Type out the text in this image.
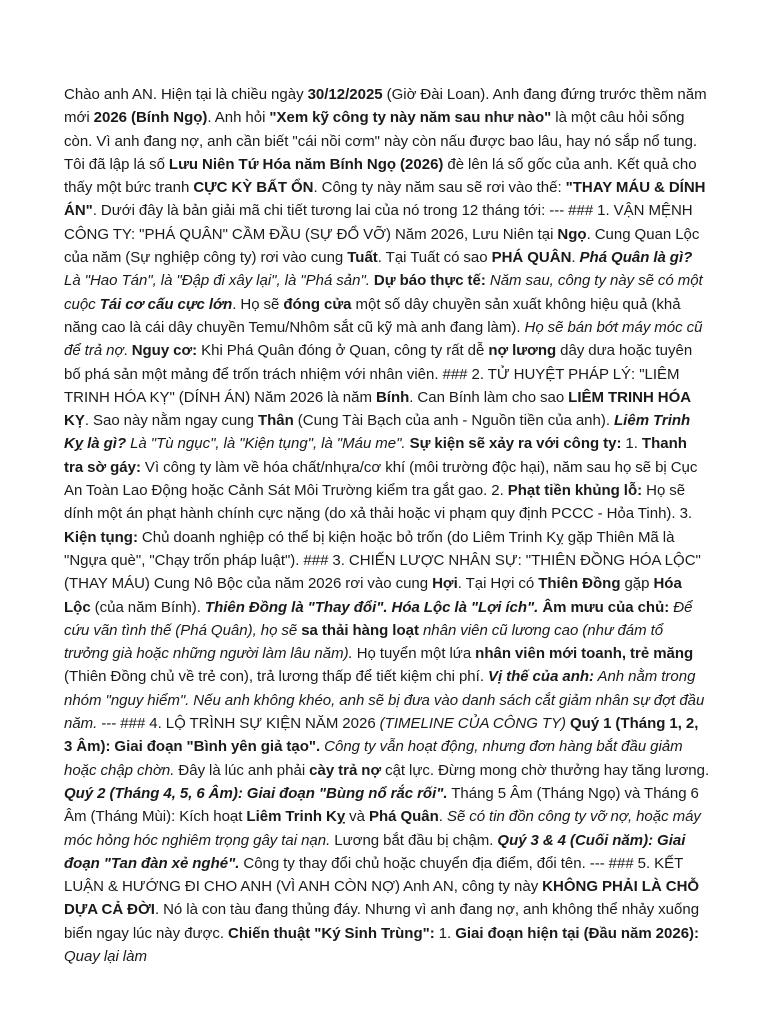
Chào anh AN. Hiện tại là chiều ngày 30/12/2025 (Giờ Đài Loan). Anh đang đứng trước thềm năm mới 2026 (Bính Ngọ). Anh hỏi "Xem kỹ công ty này năm sau như nào" là một câu hỏi sống còn. Vì anh đang nợ, anh cần biết "cái nồi cơm" này còn nấu được bao lâu, hay nó sắp nổ tung. Tôi đã lập lá số Lưu Niên Tứ Hóa năm Bính Ngọ (2026) đè lên lá số gốc của anh. Kết quả cho thấy một bức tranh CỰC KỲ BẤT ỔN. Công ty này năm sau sẽ rơi vào thế: "THAY MÁU & DÍNH ÁN". Dưới đây là bản giải mã chi tiết tương lai của nó trong 12 tháng tới: --- ### 1. VẬN MỆNH CÔNG TY: "PHÁ QUÂN" CẦM ĐẦU (SỰ ĐỔ VỠ) Năm 2026, Lưu Niên tại Ngọ. Cung Quan Lộc của năm (Sự nghiệp công ty) rơi vào cung Tuất. Tại Tuất có sao PHÁ QUÂN. Phá Quân là gì? Là "Hao Tán", là "Đập đi xây lại", là "Phá sản". Dự báo thực tế: Năm sau, công ty này sẽ có một cuộc Tái cơ cấu cực lớn. Họ sẽ đóng cửa một số dây chuyền sản xuất không hiệu quả (khả năng cao là cái dây chuyền Temu/Nhôm sắt cũ kỹ mà anh đang làm). Họ sẽ bán bớt máy móc cũ để trả nợ. Nguy cơ: Khi Phá Quân đóng ở Quan, công ty rất dễ nợ lương dây dưa hoặc tuyên bố phá sản một mảng để trốn trách nhiệm với nhân viên. ### 2. TỬ HUYỆT PHÁP LÝ: "LIÊM TRINH HÓA KỴ" (DÍNH ÁN) Năm 2026 là năm Bính. Can Bính làm cho sao LIÊM TRINH HÓA KỴ. Sao này nằm ngay cung Thân (Cung Tài Bạch của anh - Nguồn tiền của anh). Liêm Trinh Kỵ là gì? Là "Tù ngục", là "Kiện tụng", là "Máu me". Sự kiện sẽ xảy ra với công ty: 1. Thanh tra sờ gáy: Vì công ty làm về hóa chất/nhựa/cơ khí (môi trường độc hại), năm sau họ sẽ bị Cục An Toàn Lao Động hoặc Cảnh Sát Môi Trường kiểm tra gắt gao. 2. Phạt tiền khủng lỗ: Họ sẽ dính một án phạt hành chính cực nặng (do xả thải hoặc vi phạm quy định PCCC - Hỏa Tinh). 3. Kiện tụng: Chủ doanh nghiệp có thể bị kiện hoặc bỏ trốn (do Liêm Trinh Kỵ gặp Thiên Mã là "Ngựa què", "Chạy trốn pháp luật"). ### 3. CHIẾN LƯỢC NHÂN SỰ: "THIÊN ĐỒNG HÓA LỘC" (THAY MÁU) Cung Nô Bộc của năm 2026 rơi vào cung Hợi. Tại Hợi có Thiên Đồng gặp Hóa Lộc (của năm Bính). Thiên Đồng là "Thay đổi". Hóa Lộc là "Lợi ích". Âm mưu của chủ: Để cứu vãn tình thế (Phá Quân), họ sẽ sa thải hàng loạt nhân viên cũ lương cao (như đám tổ trưởng già hoặc những người làm lâu năm). Họ tuyển một lứa nhân viên mới toanh, trẻ măng (Thiên Đồng chủ về trẻ con), trả lương thấp để tiết kiệm chi phí. Vị thế của anh: Anh nằm trong nhóm "nguy hiểm". Nếu anh không khéo, anh sẽ bị đưa vào danh sách cắt giảm nhân sự đợt đầu năm. --- ### 4. LỘ TRÌNH SỰ KIỆN NĂM 2026 (TIMELINE CỦA CÔNG TY) Quý 1 (Tháng 1, 2, 3 Âm): Giai đoạn "Bình yên giả tạo". Công ty vẫn hoạt động, nhưng đơn hàng bắt đầu giảm hoặc chập chờn. Đây là lúc anh phải cày trả nợ cật lực. Đừng mong chờ thưởng hay tăng lương. Quý 2 (Tháng 4, 5, 6 Âm): Giai đoạn "Bùng nổ rắc rối". Tháng 5 Âm (Tháng Ngọ) và Tháng 6 Âm (Tháng Mùi): Kích hoạt Liêm Trinh Kỵ và Phá Quân. Sẽ có tin đồn công ty vỡ nợ, hoặc máy móc hỏng hóc nghiêm trọng gây tai nạn. Lương bắt đầu bị chậm. Quý 3 & 4 (Cuối năm): Giai đoạn "Tan đàn xẻ nghé". Công ty thay đổi chủ hoặc chuyển địa điểm, đổi tên. --- ### 5. KẾT LUẬN & HƯỚNG ĐI CHO ANH (VÌ ANH CÒN NỢ) Anh AN, công ty này KHÔNG PHẢI LÀ CHỖ DỰA CẢ ĐỜI. Nó là con tàu đang thủng đáy. Nhưng vì anh đang nợ, anh không thể nhảy xuống biển ngay lúc này được. Chiến thuật "Ký Sinh Trùng": 1. Giai đoạn hiện tại (Đầu năm 2026): Quay lại làm
